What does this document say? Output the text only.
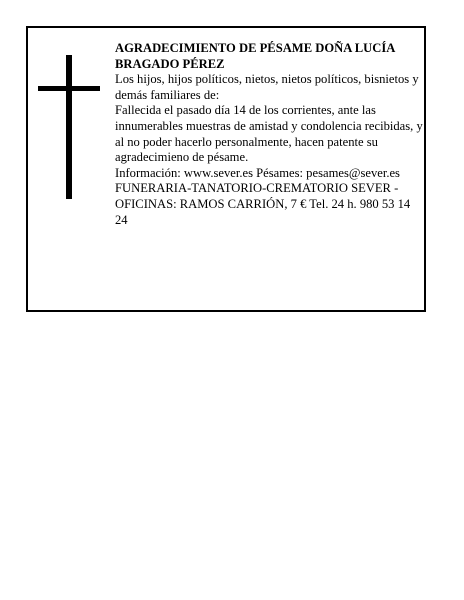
AGRADECIMIENTO DE PÉSAME DOÑA LUCÍA BRAGADO PÉREZ

Los hijos, hijos políticos, nietos, nietos políticos, bisnietos y demás familiares de:

Fallecida el pasado día 14 de los corrientes, ante las innumerables muestras de amistad y condolencia recibidas, y al no poder hacerlo personalmente, hacen patente su agradecimieno de pésame.

Información: www.sever.es Pésames: pesames@sever.es

FUNERARIA-TANATORIO-CREMATORIO SEVER - OFICINAS: RAMOS CARRIÓN, 7 € Tel. 24 h. 980 53 14 24
